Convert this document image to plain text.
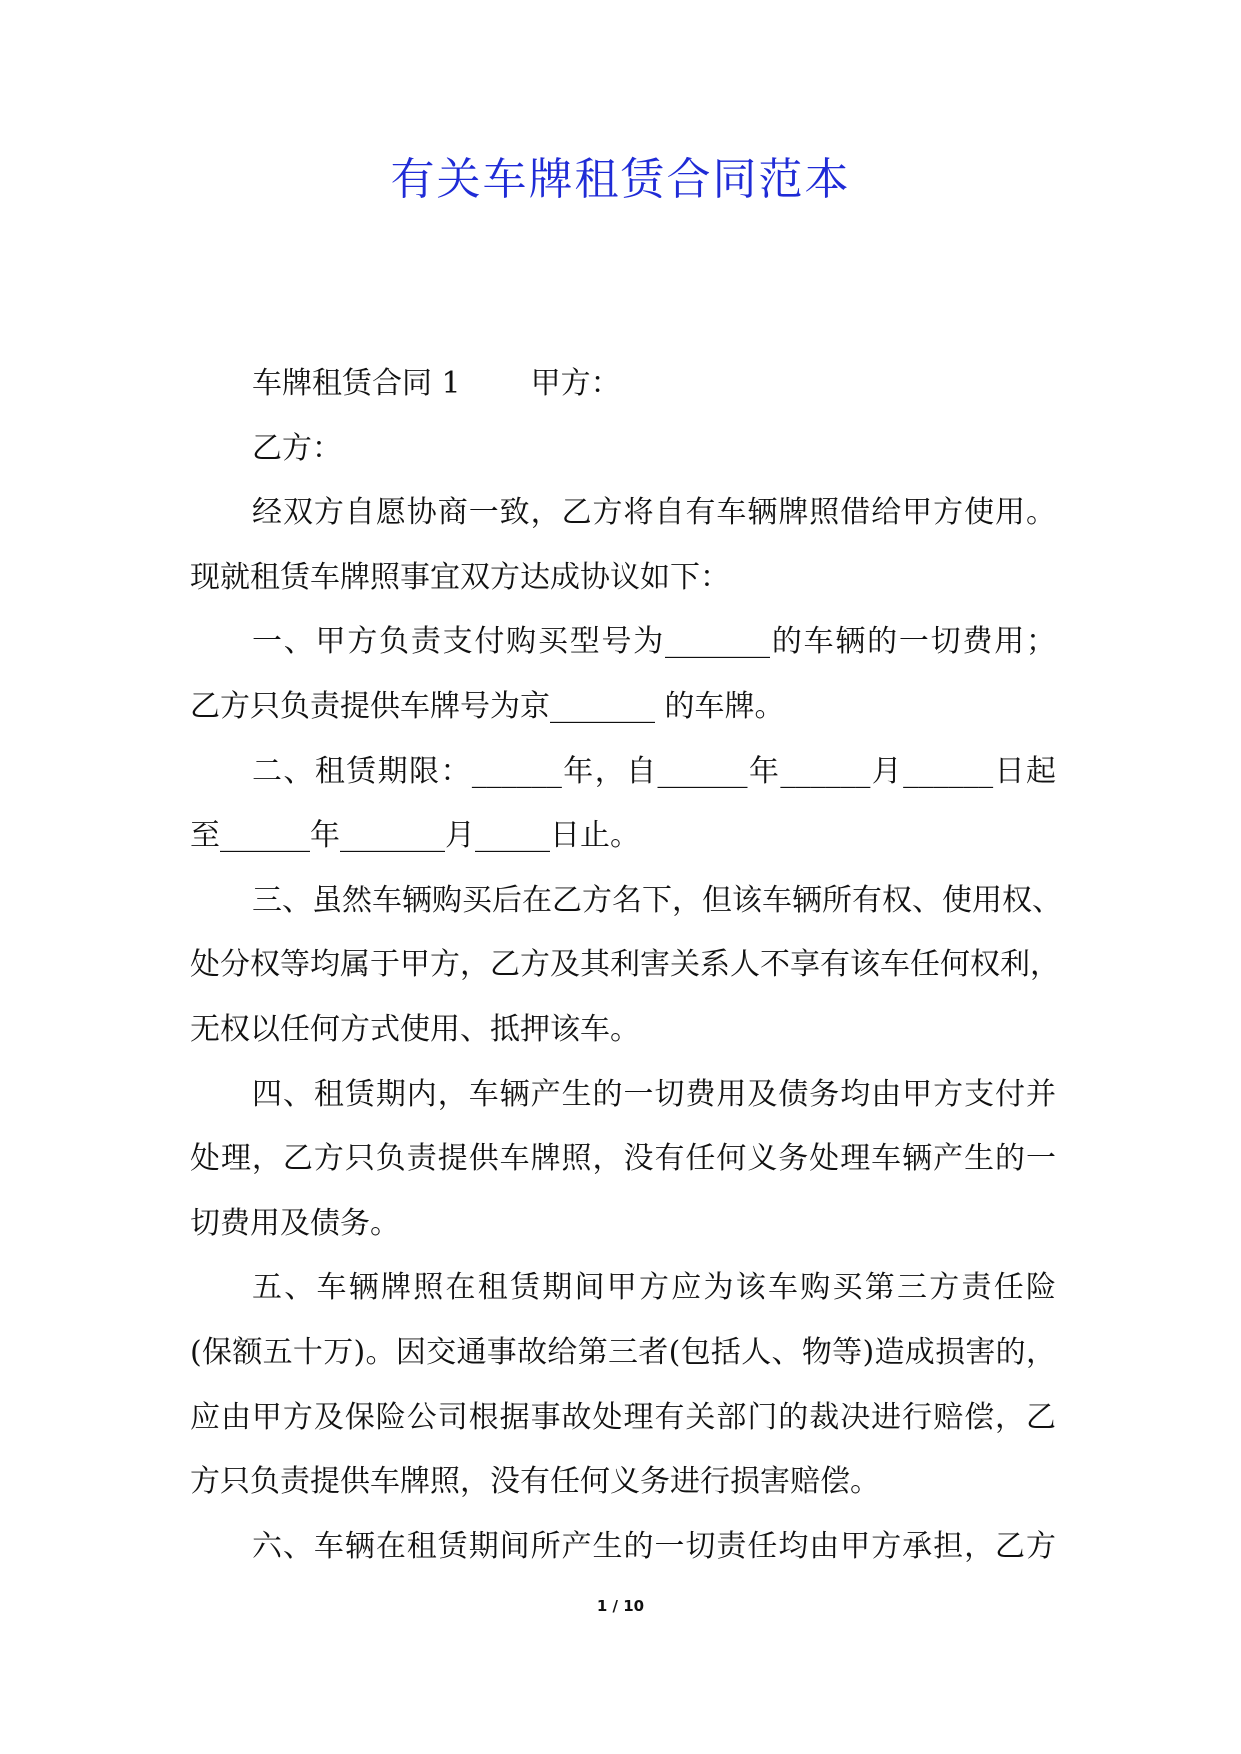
有关车牌租赁合同范本
车牌租赁合同 1 甲方：
乙方：
经双方自愿协商一致，乙方将自有车辆牌照借给甲方使用。
现就租赁车牌照事宜双方达成协议如下：
一、甲方负责支付购买型号为_______的车辆的一切费用；
乙方只负责提供车牌号为京_______ 的车牌。
二、租赁期限：______年，自______年______月______日起
至______年_______月_____日止。
三、虽然车辆购买后在乙方名下，但该车辆所有权、使用权、
处分权等均属于甲方，乙方及其利害关系人不享有该车任何权利，
无权以任何方式使用、抵押该车。
四、租赁期内，车辆产生的一切费用及债务均由甲方支付并
处理，乙方只负责提供车牌照，没有任何义务处理车辆产生的一
切费用及债务。
五、车辆牌照在租赁期间甲方应为该车购买第三方责任险
(保额五十万)。因交通事故给第三者(包括人、物等)造成损害的，
应由甲方及保险公司根据事故处理有关部门的裁决进行赔偿，乙
方只负责提供车牌照，没有任何义务进行损害赔偿。
六、车辆在租赁期间所产生的一切责任均由甲方承担，乙方
1 / 10
